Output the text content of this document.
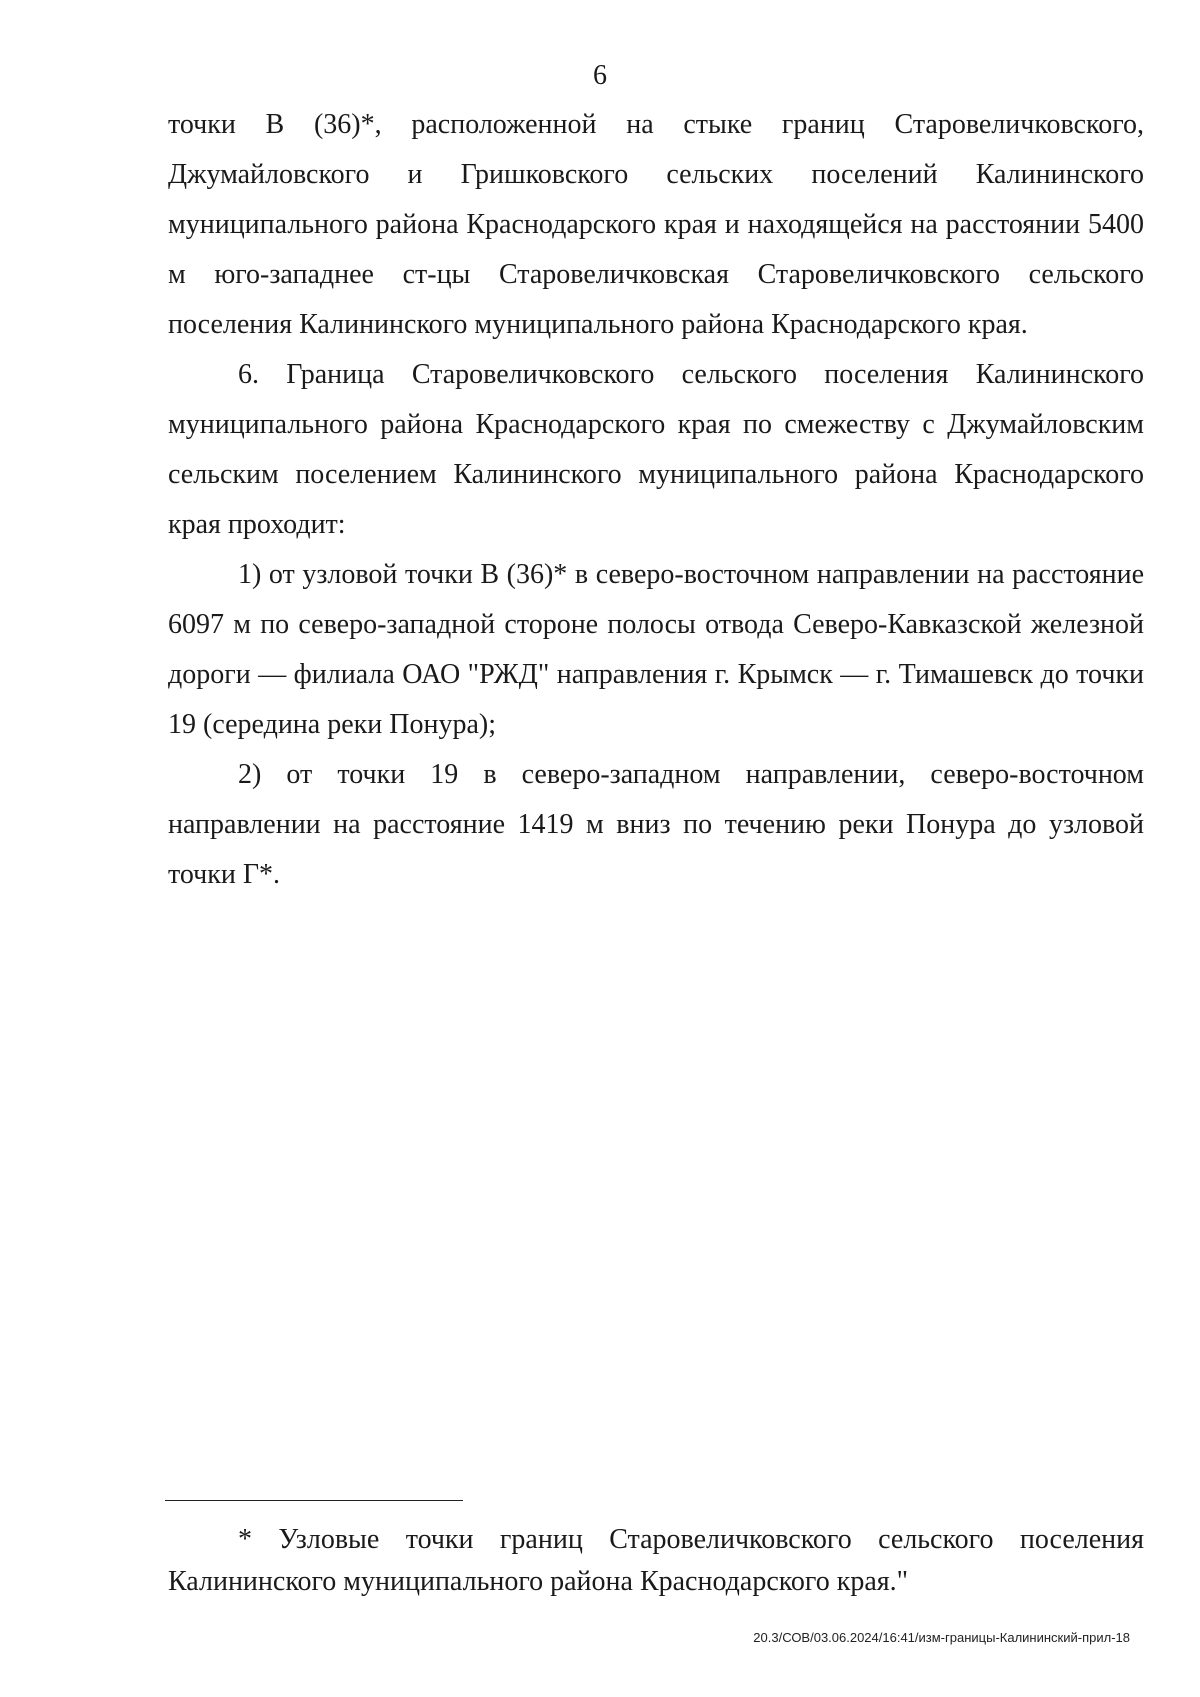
6

точки В (36)*, расположенной на стыке границ Старовеличковского, Джумайловского и Гришковского сельских поселений Калининского муниципального района Краснодарского края и находящейся на расстоянии 5400 м юго-западнее ст-цы Старовеличковская Старовеличковского сельского поселения Калининского муниципального района Краснодарского края.

6. Граница Старовеличковского сельского поселения Калининского муниципального района Краснодарского края по смежеству с Джумайловским сельским поселением Калининского муниципального района Краснодарского края проходит:

1) от узловой точки В (36)* в северо-восточном направлении на расстояние 6097 м по северо-западной стороне полосы отвода Северо-Кавказской железной дороги — филиала ОАО "РЖД" направления г. Крымск — г. Тимашевск до точки 19 (середина реки Понура);

2) от точки 19 в северо-западном направлении, северо-восточном направлении на расстояние 1419 м вниз по течению реки Понура до узловой точки Г*.

* Узловые точки границ Старовеличковского сельского поселения Калининского муниципального района Краснодарского края."

20.3/СОВ/03.06.2024/16:41/изм-границы-Калининский-прил-18
